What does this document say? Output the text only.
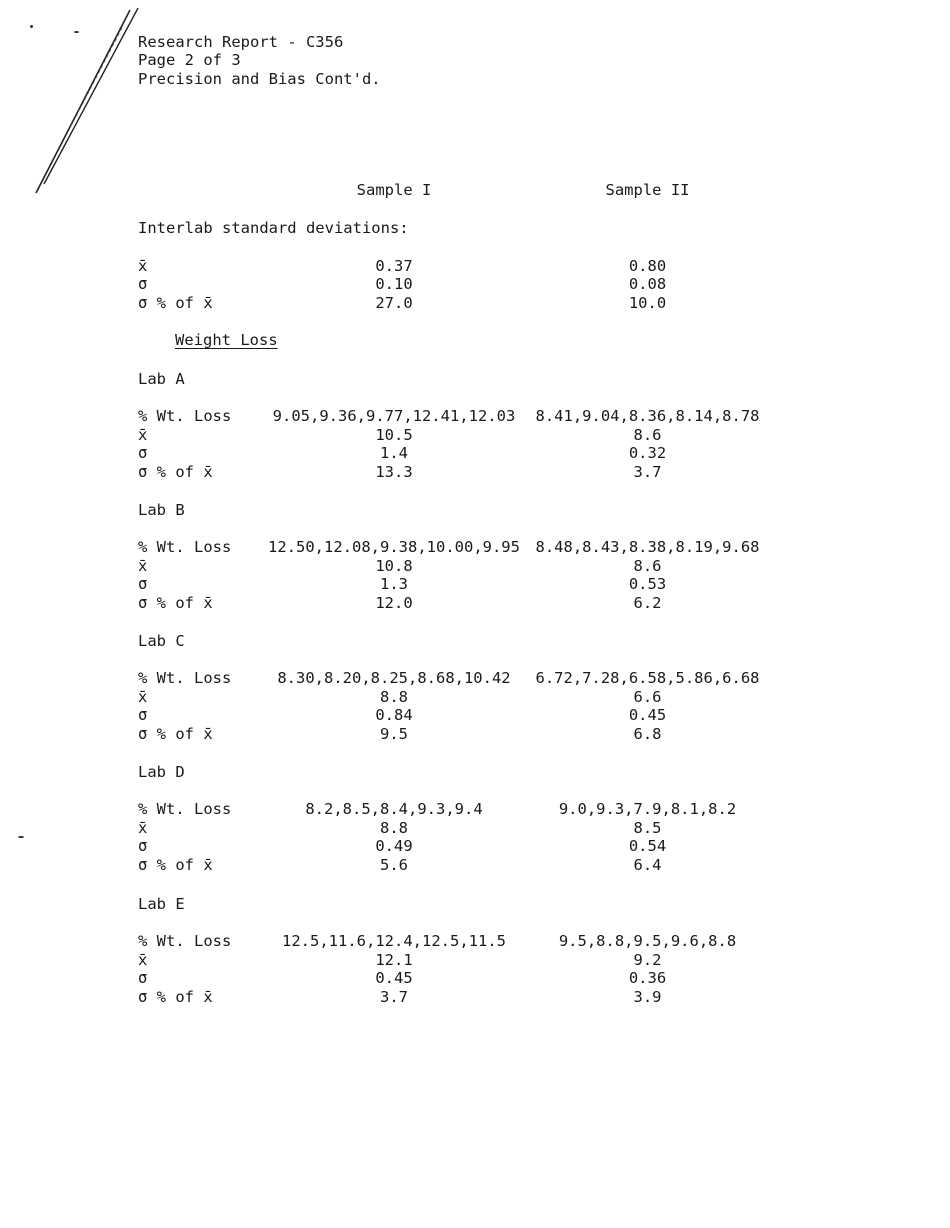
Research Report - C356
Page 2 of 3
Precision and Bias Cont'd.
Sample I	Sample II
Interlab standard deviations:
x̄	0.37	0.80
σ	0.10	0.08
σ % of x̄	27.0	10.0
Weight Loss
Lab A
% Wt. Loss	9.05,9.36,9.77,12.41,12.03	8.41,9.04,8.36,8.14,8.78
x̄	10.5	8.6
σ	1.4	0.32
σ % of x̄	13.3	3.7
Lab B
% Wt. Loss 12.50,12.08,9.38,10.00,9.95 8.48,8.43,8.38,8.19,9.68
x̄	10.8	8.6
σ	1.3	0.53
σ % of x̄	12.0	6.2
Lab C
% Wt. Loss	8.30,8.20,8.25,8.68,10.42	6.72,7.28,6.58,5.86,6.68
x̄	8.8	6.6
σ	0.84	0.45
σ % of x̄	9.5	6.8
Lab D
% Wt. Loss	8.2,8.5,8.4,9.3,9.4	9.0,9.3,7.9,8.1,8.2
x̄	8.8	8.5
σ	0.49	0.54
σ % of x̄	5.6	6.4
Lab E
% Wt. Loss	12.5,11.6,12.4,12.5,11.5	9.5,8.8,9.5,9.6,8.8
x̄	12.1	9.2
σ	0.45	0.36
σ % of x̄	3.7	3.9
